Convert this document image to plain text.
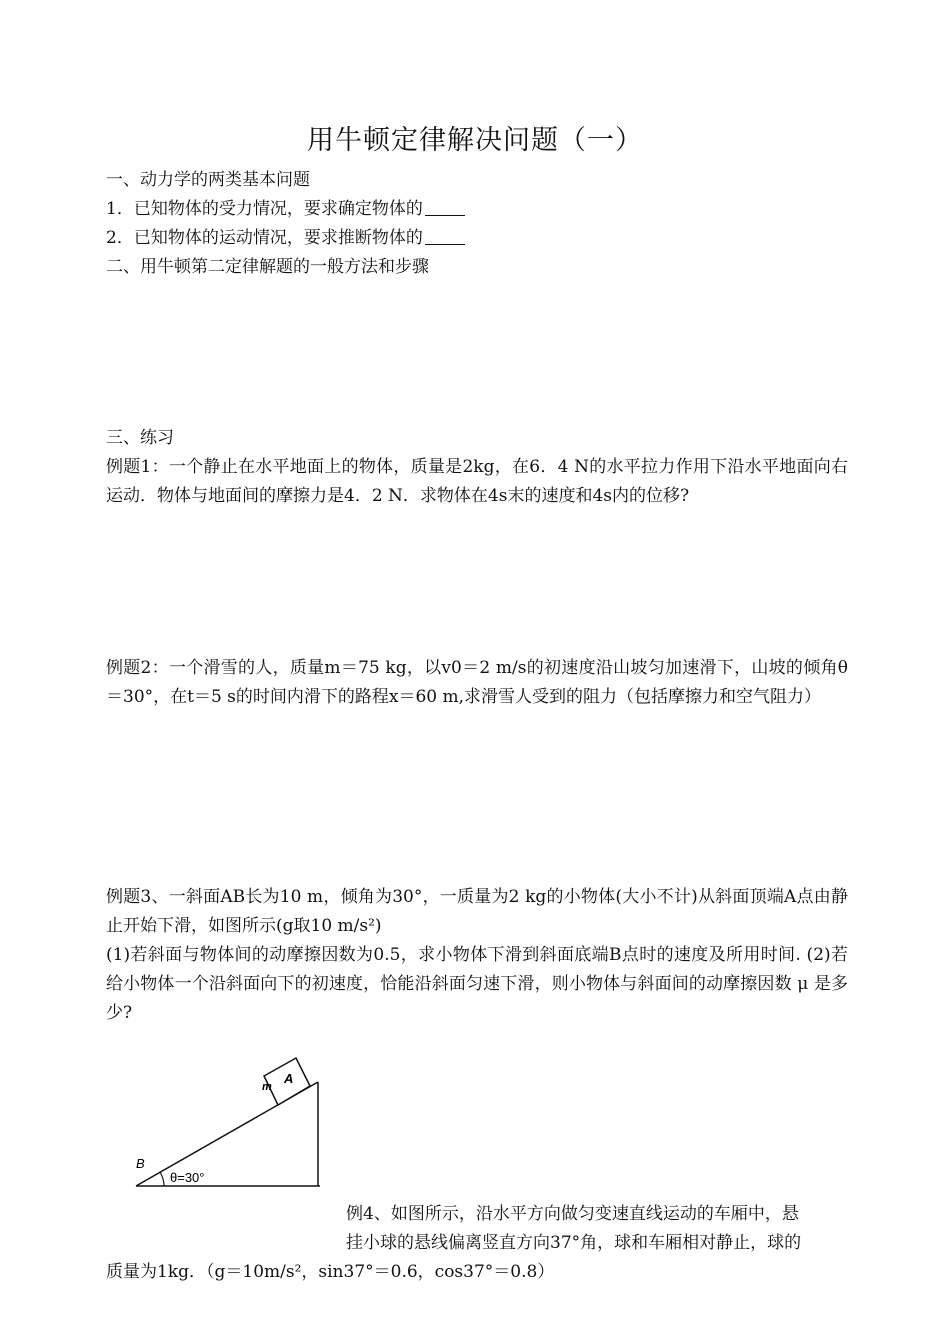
用牛顿定律解决问题（一）
一、动力学的两类基本问题
1．已知物体的受力情况，要求确定物体的
2．已知物体的运动情况，要求推断物体的
二、用牛顿第二定律解题的一般方法和步骤
三、练习
例题1：一个静止在水平地面上的物体，质量是2kg，在6．4 N的水平拉力作用下沿水平地面向右运动．物体与地面间的摩擦力是4．2 N．求物体在4s末的速度和4s内的位移?
例题2：一个滑雪的人，质量m＝75 kg，以v0＝2 m/s的初速度沿山坡匀加速滑下，山坡的倾角θ＝30°，在t＝5 s的时间内滑下的路程x＝60 m,求滑雪人受到的阻力（包括摩擦力和空气阻力）
例题3、一斜面AB长为10 m，倾角为30°，一质量为2 kg的小物体(大小不计)从斜面顶端A点由静止开始下滑，如图所示(g取10 m/s²)
(1)若斜面与物体间的动摩擦因数为0.5，求小物体下滑到斜面底端B点时的速度及所用时间. (2)若给小物体一个沿斜面向下的初速度，恰能沿斜面匀速下滑，则小物体与斜面间的动摩擦因数 μ 是多少?
B
A
m
θ=30°
例4、如图所示，沿水平方向做匀变速直线运动的车厢中，悬
挂小球的悬线偏离竖直方向37°角，球和车厢相对静止，球的
质量为1kg．（g＝10m/s²，sin37°＝0.6，cos37°＝0.8）
